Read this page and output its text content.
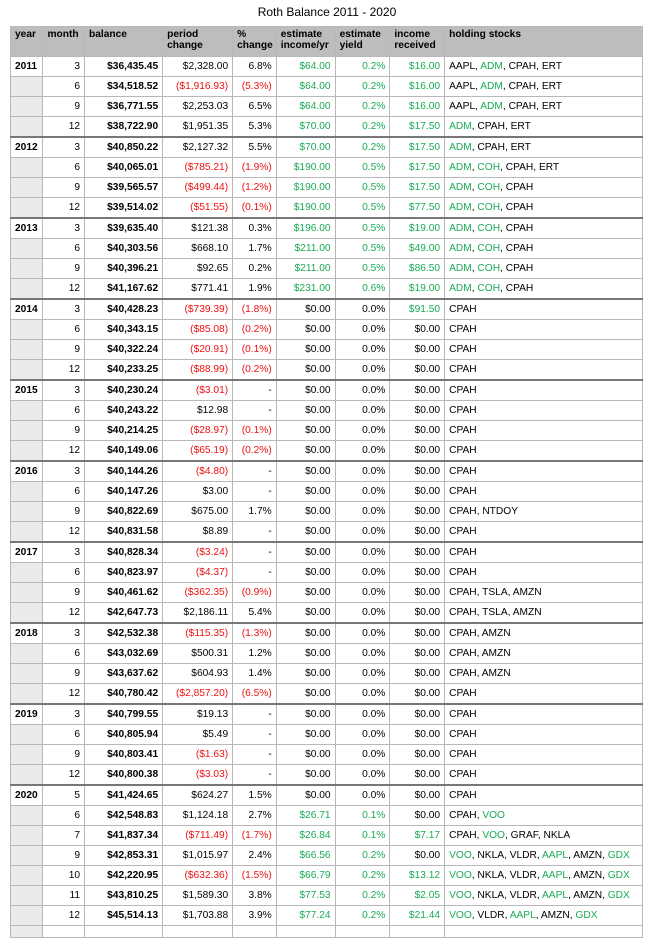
Roth Balance 2011 - 2020
year	month	balance	period change	% change	estimate income/yr	estimate yield	income received	holding stocks
2011	3	$36,435.45	$2,328.00	6.8%	$64.00	0.2%	$16.00	AAPL, ADM, CPAH, ERT
	6	$34,518.52	($1,916.93)	(5.3%)	$64.00	0.2%	$16.00	AAPL, ADM, CPAH, ERT
	9	$36,771.55	$2,253.03	6.5%	$64.00	0.2%	$16.00	AAPL, ADM, CPAH, ERT
	12	$38,722.90	$1,951.35	5.3%	$70.00	0.2%	$17.50	ADM, CPAH, ERT
2012	3	$40,850.22	$2,127.32	5.5%	$70.00	0.2%	$17.50	ADM, CPAH, ERT
	6	$40,065.01	($785.21)	(1.9%)	$190.00	0.5%	$17.50	ADM, COH, CPAH, ERT
	9	$39,565.57	($499.44)	(1.2%)	$190.00	0.5%	$17.50	ADM, COH, CPAH
	12	$39,514.02	($51.55)	(0.1%)	$190.00	0.5%	$77.50	ADM, COH, CPAH
2013	3	$39,635.40	$121.38	0.3%	$196.00	0.5%	$19.00	ADM, COH, CPAH
	6	$40,303.56	$668.10	1.7%	$211.00	0.5%	$49.00	ADM, COH, CPAH
	9	$40,396.21	$92.65	0.2%	$211.00	0.5%	$86.50	ADM, COH, CPAH
	12	$41,167.62	$771.41	1.9%	$231.00	0.6%	$19.00	ADM, COH, CPAH
2014	3	$40,428.23	($739.39)	(1.8%)	$0.00	0.0%	$91.50	CPAH
	6	$40,343.15	($85.08)	(0.2%)	$0.00	0.0%	$0.00	CPAH
	9	$40,322.24	($20.91)	(0.1%)	$0.00	0.0%	$0.00	CPAH
	12	$40,233.25	($88.99)	(0.2%)	$0.00	0.0%	$0.00	CPAH
2015	3	$40,230.24	($3.01)	-	$0.00	0.0%	$0.00	CPAH
	6	$40,243.22	$12.98	-	$0.00	0.0%	$0.00	CPAH
	9	$40,214.25	($28.97)	(0.1%)	$0.00	0.0%	$0.00	CPAH
	12	$40,149.06	($65.19)	(0.2%)	$0.00	0.0%	$0.00	CPAH
2016	3	$40,144.26	($4.80)	-	$0.00	0.0%	$0.00	CPAH
	6	$40,147.26	$3.00	-	$0.00	0.0%	$0.00	CPAH
	9	$40,822.69	$675.00	1.7%	$0.00	0.0%	$0.00	CPAH, NTDOY
	12	$40,831.58	$8.89	-	$0.00	0.0%	$0.00	CPAH
2017	3	$40,828.34	($3.24)	-	$0.00	0.0%	$0.00	CPAH
	6	$40,823.97	($4.37)	-	$0.00	0.0%	$0.00	CPAH
	9	$40,461.62	($362.35)	(0.9%)	$0.00	0.0%	$0.00	CPAH, TSLA, AMZN
	12	$42,647.73	$2,186.11	5.4%	$0.00	0.0%	$0.00	CPAH, TSLA, AMZN
2018	3	$42,532.38	($115.35)	(1.3%)	$0.00	0.0%	$0.00	CPAH, AMZN
	6	$43,032.69	$500.31	1.2%	$0.00	0.0%	$0.00	CPAH, AMZN
	9	$43,637.62	$604.93	1.4%	$0.00	0.0%	$0.00	CPAH, AMZN
	12	$40,780.42	($2,857.20)	(6.5%)	$0.00	0.0%	$0.00	CPAH
2019	3	$40,799.55	$19.13	-	$0.00	0.0%	$0.00	CPAH
	6	$40,805.94	$5.49	-	$0.00	0.0%	$0.00	CPAH
	9	$40,803.41	($1.63)	-	$0.00	0.0%	$0.00	CPAH
	12	$40,800.38	($3.03)	-	$0.00	0.0%	$0.00	CPAH
2020	5	$41,424.65	$624.27	1.5%	$0.00	0.0%	$0.00	CPAH
	6	$42,548.83	$1,124.18	2.7%	$26.71	0.1%	$0.00	CPAH, VOO
	7	$41,837.34	($711.49)	(1.7%)	$26.84	0.1%	$7.17	CPAH, VOO, GRAF, NKLA
	9	$42,853.31	$1,015.97	2.4%	$66.56	0.2%	$0.00	VOO, NKLA, VLDR, AAPL, AMZN, GDX
	10	$42,220.95	($632.36)	(1.5%)	$66.79	0.2%	$13.12	VOO, NKLA, VLDR, AAPL, AMZN, GDX
	11	$43,810.25	$1,589.30	3.8%	$77.53	0.2%	$2.05	VOO, NKLA, VLDR, AAPL, AMZN, GDX
	12	$45,514.13	$1,703.88	3.9%	$77.24	0.2%	$21.44	VOO, VLDR, AAPL, AMZN, GDX
